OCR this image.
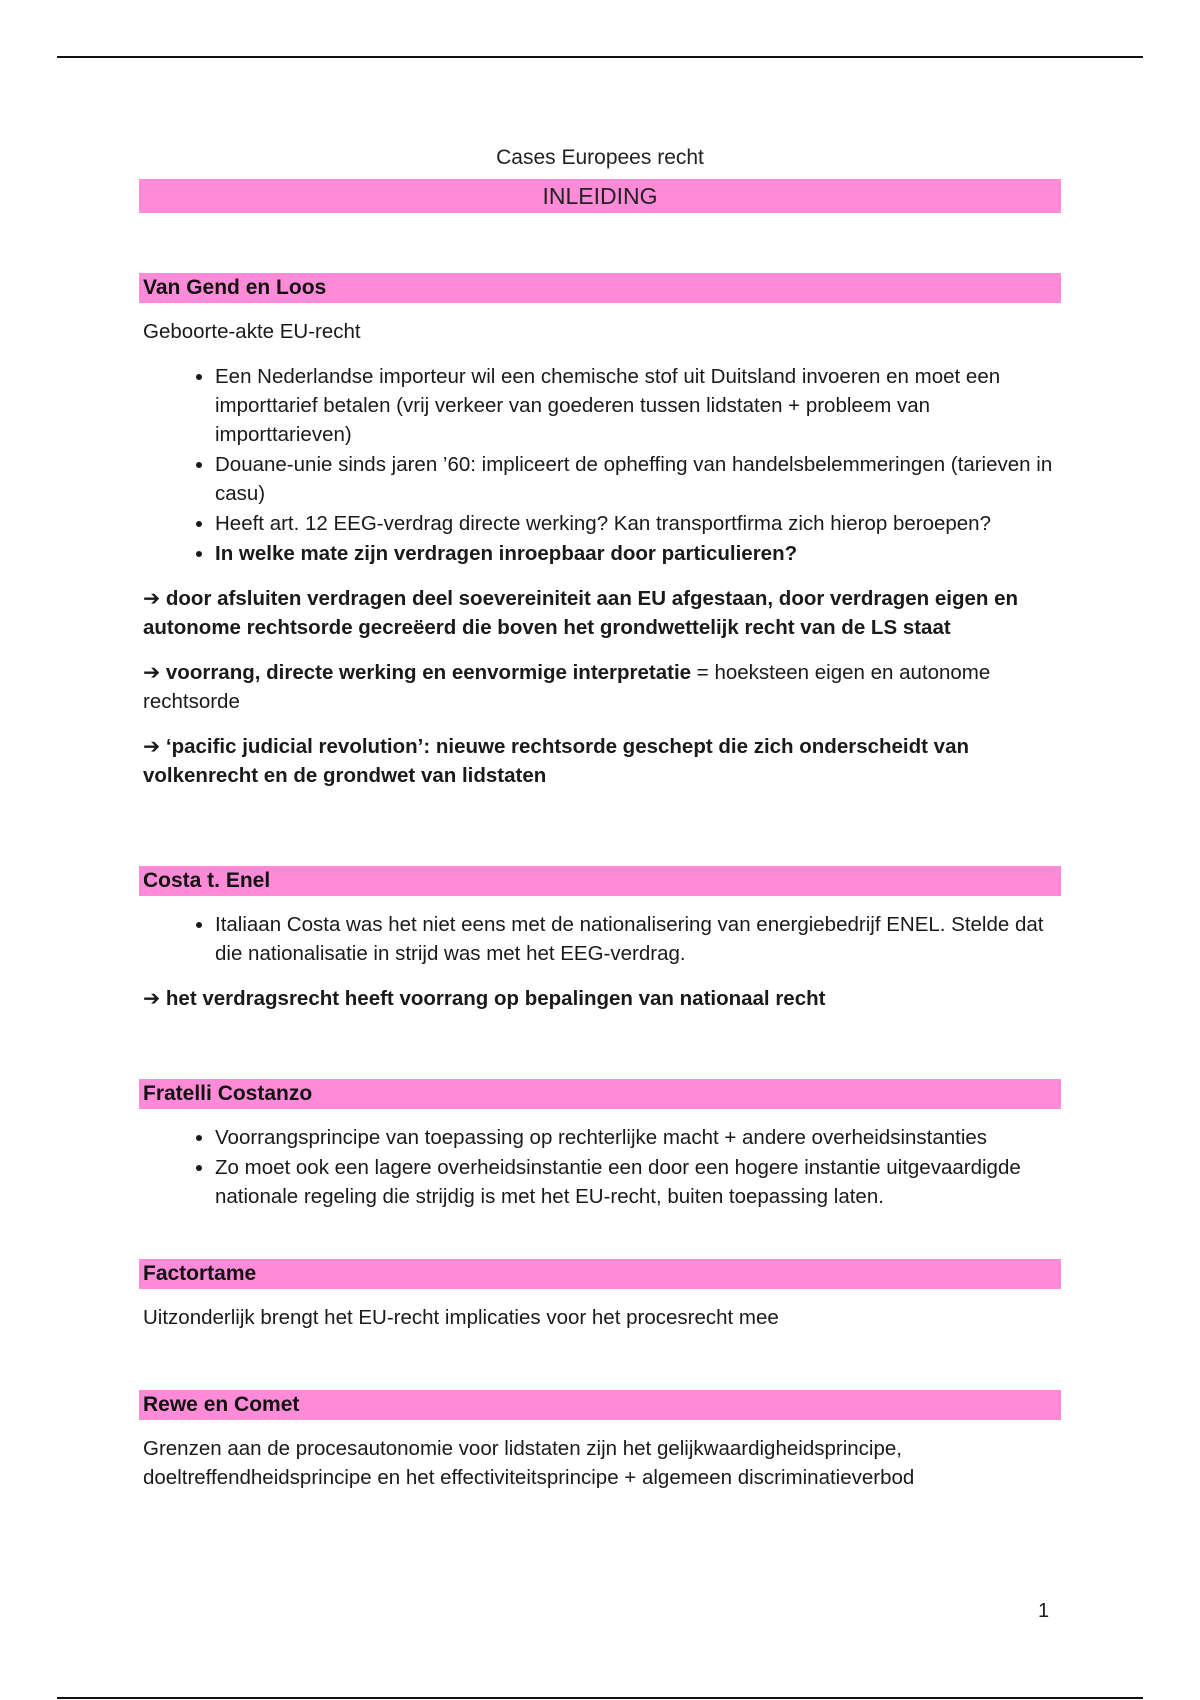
Cases Europees recht
INLEIDING
Van Gend en Loos

Geboorte-akte EU-recht

• Een Nederlandse importeur wil een chemische stof uit Duitsland invoeren en moet een importtarief betalen (vrij verkeer van goederen tussen lidstaten + probleem van importtarieven)
• Douane-unie sinds jaren ’60: impliceert de opheffing van handelsbelemmeringen (tarieven in casu)
• Heeft art. 12 EEG-verdrag directe werking? Kan transportfirma zich hierop beroepen?
• In welke mate zijn verdragen inroepbaar door particulieren?

➔ door afsluiten verdragen deel soevereiniteit aan EU afgestaan, door verdragen eigen en autonome rechtsorde gecreëerd die boven het grondwettelijk recht van de LS staat

➔ voorrang, directe werking en eenvormige interpretatie = hoeksteen eigen en autonome rechtsorde

➔ ‘pacific judicial revolution’: nieuwe rechtsorde geschept die zich onderscheidt van volkenrecht en de grondwet van lidstaten

Costa t. Enel
• Italiaan Costa was het niet eens met de nationalisering van energiebedrijf ENEL. Stelde dat die nationalisatie in strijd was met het EEG-verdrag.

➔ het verdragsrecht heeft voorrang op bepalingen van nationaal recht

Fratelli Costanzo
• Voorrangsprincipe van toepassing op rechterlijke macht + andere overheidsinstanties
• Zo moet ook een lagere overheidsinstantie een door een hogere instantie uitgevaardigde nationale regeling die strijdig is met het EU-recht, buiten toepassing laten.
Factortame

Uitzonderlijk brengt het EU-recht implicaties voor het procesrecht mee

Rewe en Comet

Grenzen aan de procesautonomie voor lidstaten zijn het gelijkwaardigheidsprincipe, doeltreffendheidsprincipe en het effectiviteitsprincipe + algemeen discriminatieverbod

1
